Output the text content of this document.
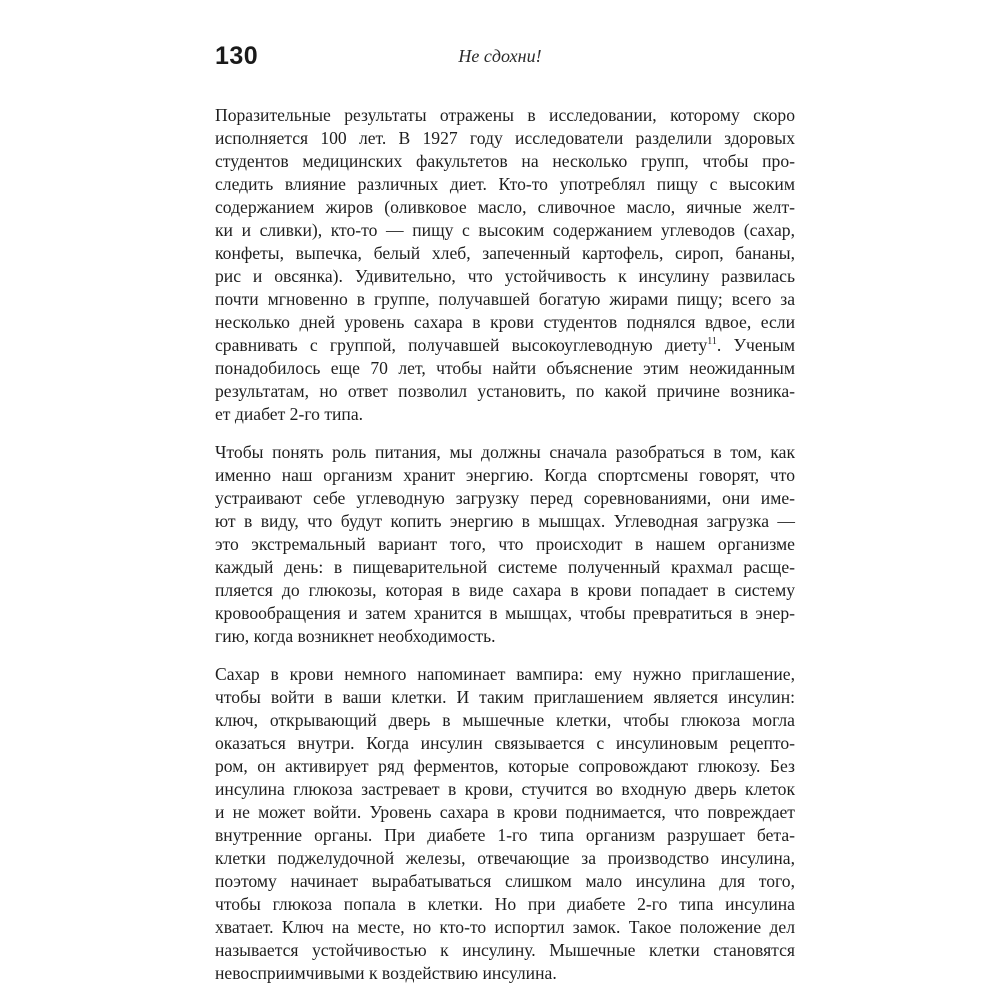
130	Не сдохни!

Поразительные результаты отражены в исследовании, которому скоро
исполняется 100 лет. В 1927 году исследователи разделили здоровых
студентов медицинских факультетов на несколько групп, чтобы про-
следить влияние различных диет. Кто-то употреблял пищу с высоким
содержанием жиров (оливковое масло, сливочное масло, яичные желт-
ки и сливки), кто-то — пищу с высоким содержанием углеводов (сахар,
конфеты, выпечка, белый хлеб, запеченный картофель, сироп, бананы,
рис и овсянка). Удивительно, что устойчивость к инсулину развилась
почти мгновенно в группе, получавшей богатую жирами пищу; всего за
несколько дней уровень сахара в крови студентов поднялся вдвое, если
сравнивать с группой, получавшей высокоуглеводную диету$^{11}$. Ученым
понадобилось еще 70 лет, чтобы найти объяснение этим неожиданным
результатам, но ответ позволил установить, по какой причине возника-
ет диабет 2-го типа.

Чтобы понять роль питания, мы должны сначала разобраться в том, как
именно наш организм хранит энергию. Когда спортсмены говорят, что
устраивают себе углеводную загрузку перед соревнованиями, они име-
ют в виду, что будут копить энергию в мышцах. Углеводная загрузка —
это экстремальный вариант того, что происходит в нашем организме
каждый день: в пищеварительной системе полученный крахмал расще-
пляется до глюкозы, которая в виде сахара в крови попадает в систему
кровообращения и затем хранится в мышцах, чтобы превратиться в энер-
гию, когда возникнет необходимость.

Сахар в крови немного напоминает вампира: ему нужно приглашение,
чтобы войти в ваши клетки. И таким приглашением является инсулин:
ключ, открывающий дверь в мышечные клетки, чтобы глюкоза могла
оказаться внутри. Когда инсулин связывается с инсулиновым рецепто-
ром, он активирует ряд ферментов, которые сопровождают глюкозу. Без
инсулина глюкоза застревает в крови, стучится во входную дверь клеток
и не может войти. Уровень сахара в крови поднимается, что повреждает
внутренние органы. При диабете 1-го типа организм разрушает бета-
клетки поджелудочной железы, отвечающие за производство инсулина,
поэтому начинает вырабатываться слишком мало инсулина для того,
чтобы глюкоза попала в клетки. Но при диабете 2-го типа инсулина
хватает. Ключ на месте, но кто-то испортил замок. Такое положение дел
называется устойчивостью к инсулину. Мышечные клетки становятся
невосприимчивыми к воздействию инсулина.
